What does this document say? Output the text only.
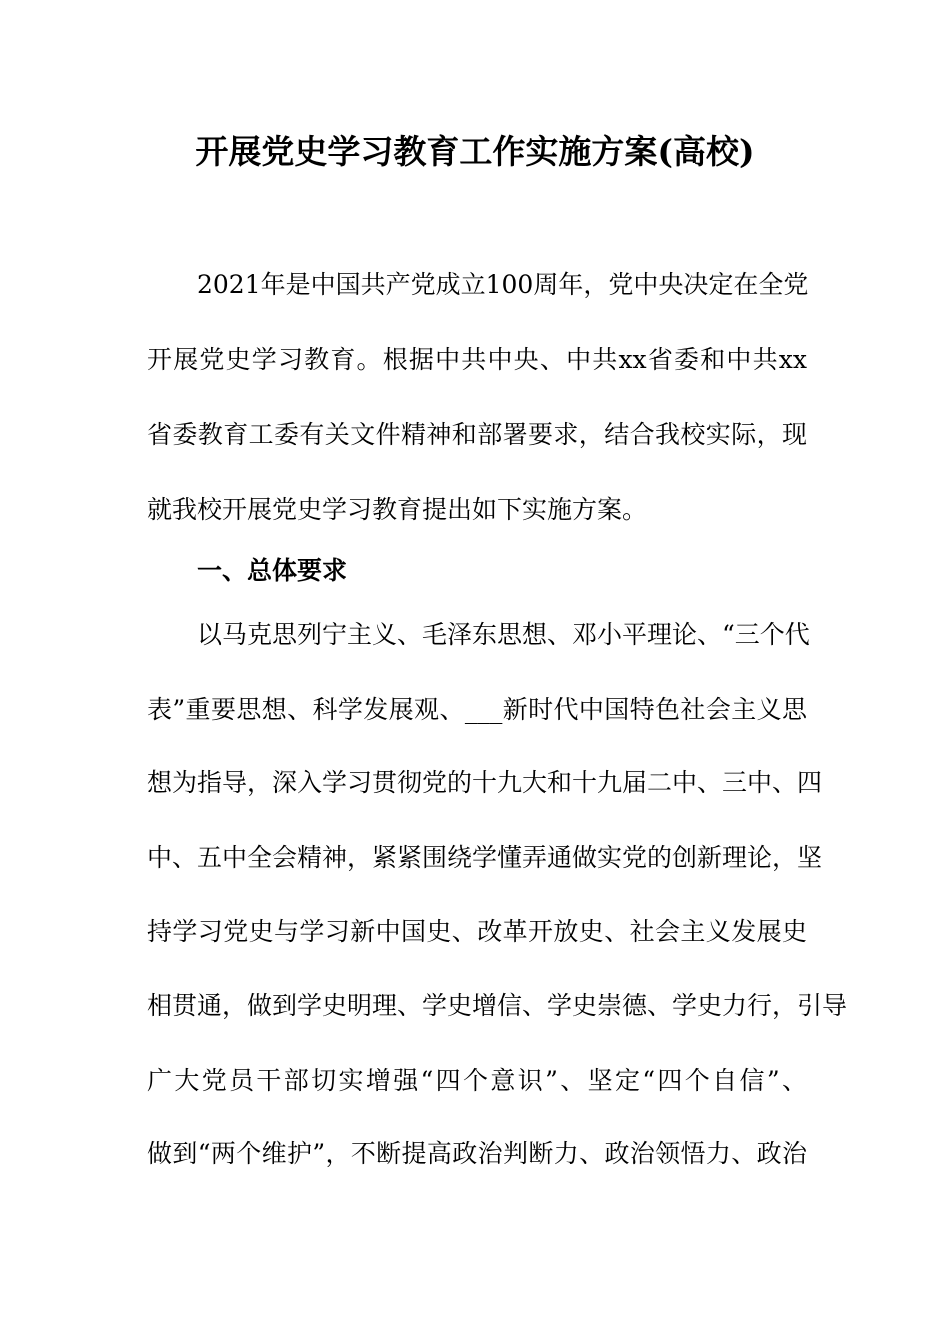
开展党史学习教育工作实施方案(高校)
2021年是中国共产党成立100周年，党中央决定在全党
开展党史学习教育。根据中共中央、中共xx省委和中共xx
省委教育工委有关文件精神和部署要求，结合我校实际，现
就我校开展党史学习教育提出如下实施方案。
一、总体要求
以马克思列宁主义、毛泽东思想、邓小平理论、“三个代
表”重要思想、科学发展观、___新时代中国特色社会主义思
想为指导，深入学习贯彻党的十九大和十九届二中、三中、四
中、五中全会精神，紧紧围绕学懂弄通做实党的创新理论，坚
持学习党史与学习新中国史、改革开放史、社会主义发展史
相贯通，做到学史明理、学史增信、学史崇德、学史力行，引导
广大党员干部切实增强“四个意识”、坚定“四个自信”、
做到“两个维护”，不断提高政治判断力、政治领悟力、政治
